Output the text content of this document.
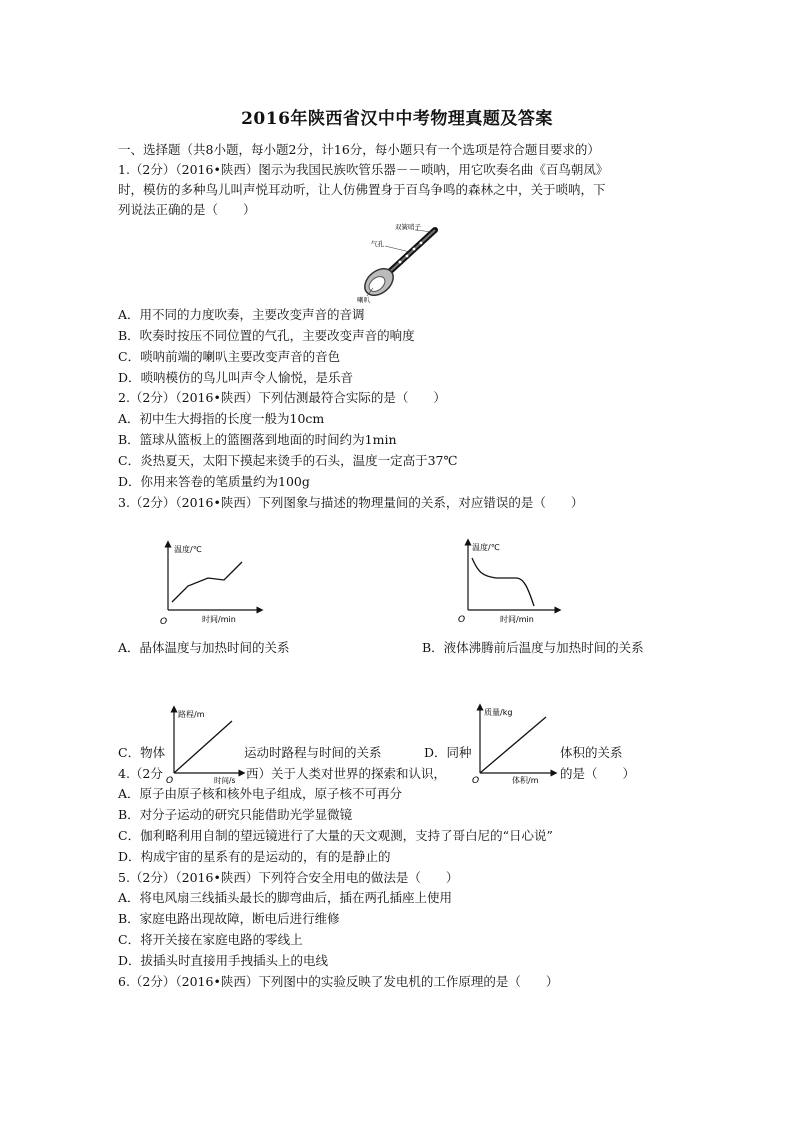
2016年陕西省汉中中考物理真题及答案
一、选择题（共8小题，每小题2分，计16分，每小题只有一个选项是符合题目要求的）
1.（2分）（2016•陕西）图示为我国民族吹管乐器－－唢呐，用它吹奏名曲《百鸟朝凤》
时，模仿的多种鸟儿叫声悦耳动听，让人仿佛置身于百鸟争鸣的森林之中，关于唢呐，下
列说法正确的是（　　）
双簧哨子
气孔
喇叭
A．用不同的力度吹奏，主要改变声音的音调
B．吹奏时按压不同位置的气孔，主要改变声音的响度
C．唢呐前端的喇叭主要改变声音的音色
D．唢呐模仿的鸟儿叫声令人愉悦，是乐音
2.（2分）（2016•陕西）下列估测最符合实际的是（　　）
A．初中生大拇指的长度一般为10cm
B．篮球从篮板上的篮圈落到地面的时间约为1min
C．炎热夏天，太阳下摸起来烫手的石头，温度一定高于37℃
D．你用来答卷的笔质量约为100g
3.（2分）（2016•陕西）下列图象与描述的物理量间的关系，对应错误的是（　　）
温度/℃
时间/min
O
温度/℃
时间/min
O
A．晶体温度与加热时间的关系	B．液体沸腾前后温度与加热时间的关系
路程/m
时间/s
O
质量/kg
体积/m
O
C．物体	运动时路程与时间的关系	D．同种	体积的关系
4.（2分	西）关于人类对世界的探索和认识，	的是（　　）
A．原子由原子核和核外电子组成，原子核不可再分
B．对分子运动的研究只能借助光学显微镜
C．伽利略利用自制的望远镜进行了大量的天文观测，支持了哥白尼的“日心说”
D．构成宇宙的星系有的是运动的，有的是静止的
5.（2分）（2016•陕西）下列符合安全用电的做法是（　　）
A．将电风扇三线插头最长的脚弯曲后，插在两孔插座上使用
B．家庭电路出现故障，断电后进行维修
C．将开关接在家庭电路的零线上
D．拔插头时直接用手拽插头上的电线
6.（2分）（2016•陕西）下列图中的实验反映了发电机的工作原理的是（　　）
